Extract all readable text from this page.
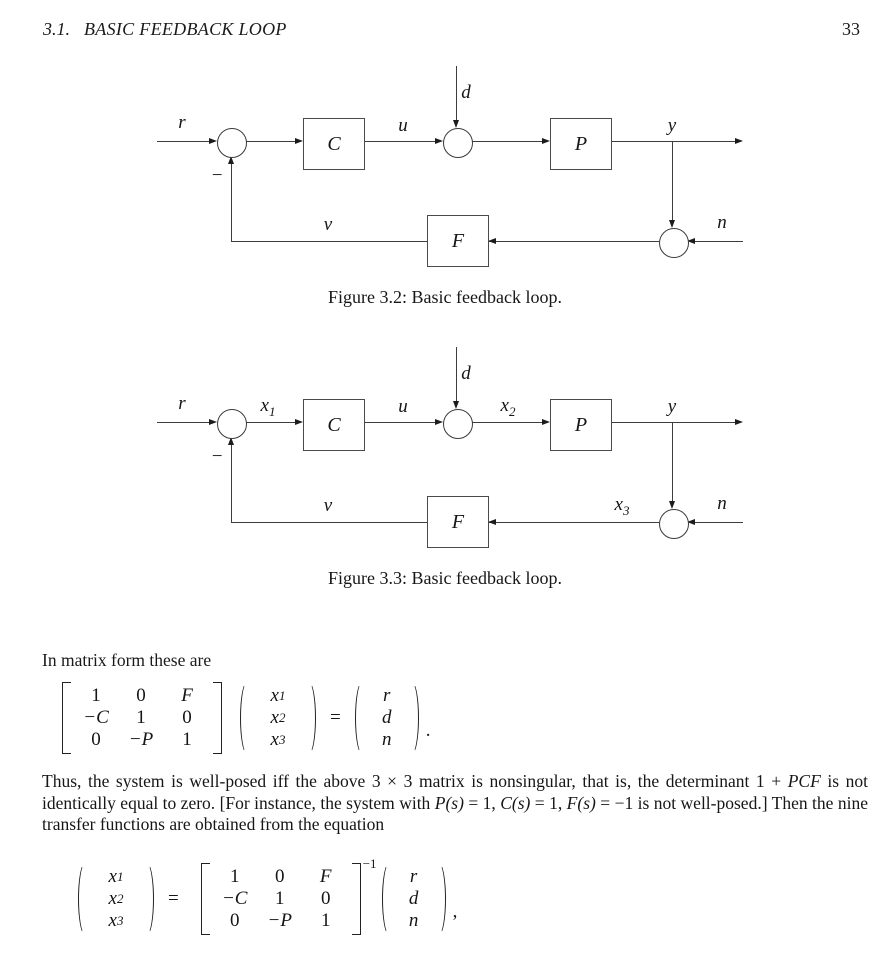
3.1. BASIC FEEDBACK LOOP	33
C	P
F
r	u
d
y
n
v
−
Figure 3.2: Basic feedback loop.
C	P
F
r	$x_1$	u
d
$x_2$	y
$x_3$	n
v
−
Figure 3.3: Basic feedback loop.
In matrix form these are
1	0	F
−C	1	0
0	−P	1
x 1
x 2
x 3
=
r
d
n .
Thus, the system is well-posed iff the above 3 × 3 matrix is nonsingular, that is, the determinant 1 + PCF is not identically equal to zero. [For instance, the system with P(s) = 1, C(s) = 1, F(s) = −1 is not well-posed.] Then the nine transfer functions are obtained from the equation
x 1
x 2
x 3
=
1	0	F
−C	1	0
0	−P	1
−1
r
d
n ,
